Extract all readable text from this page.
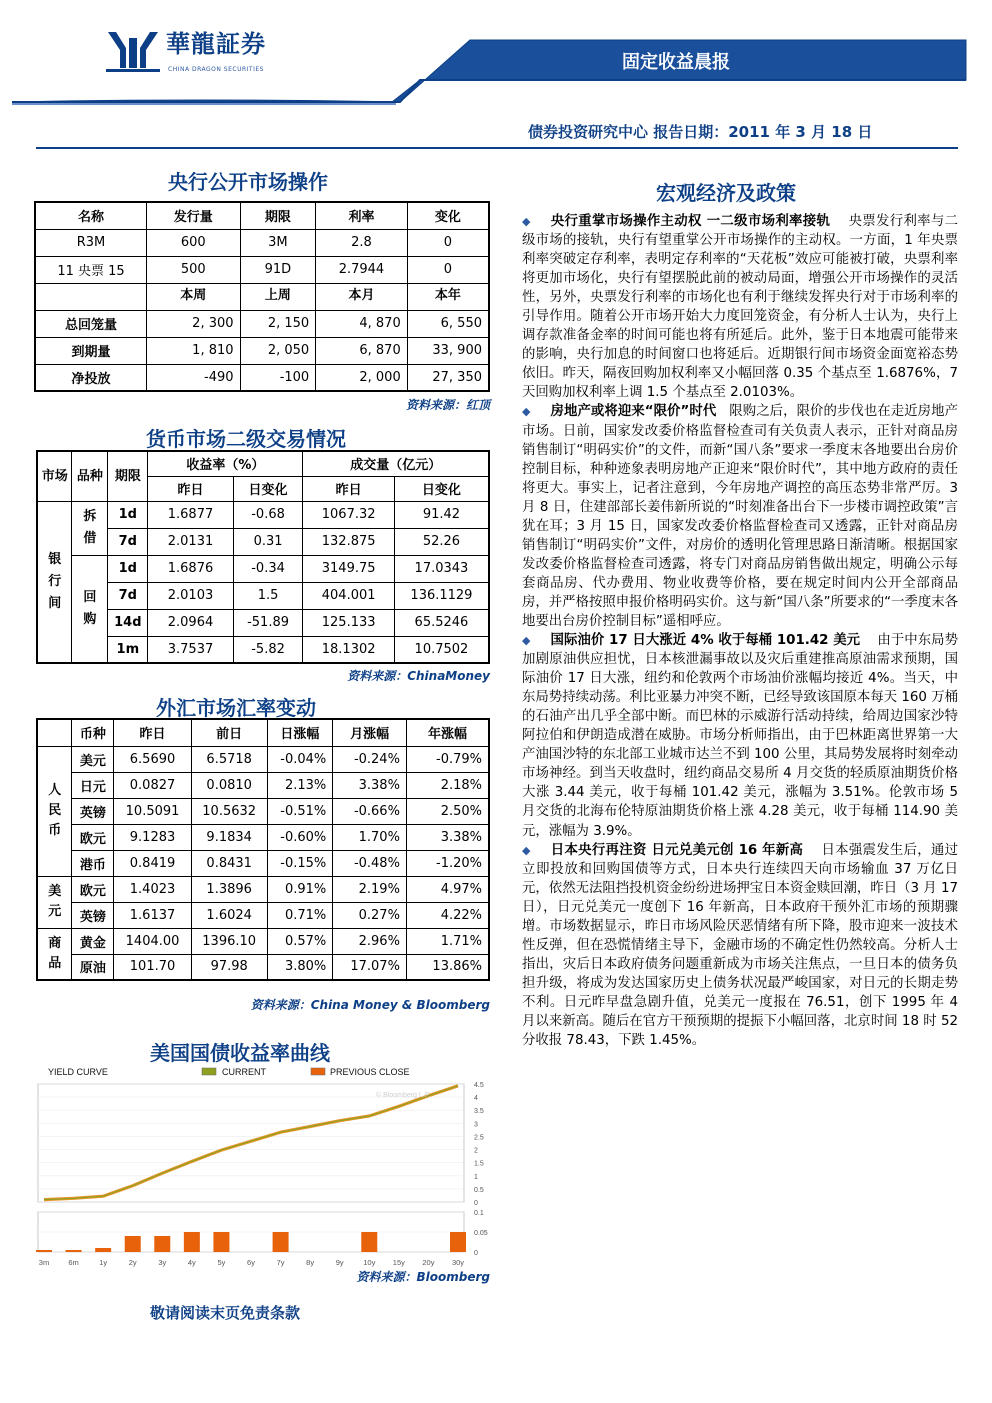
華龍証券
CHINA DRAGON SECURITIES	固定收益晨报
债券投资研究中心 报告日期：2011 年 3 月 18 日
央行公开市场操作
名称	发行量	期限	利率	变化
R3M	600	3M	2.8	0
11 央票 15	500	91D	2.7944	0
	本周	上周	本月	本年
总回笼量	2, 300	2, 150	4, 870	6, 550
到期量	1, 810	2, 050	6, 870	33, 900
净投放	-490	-100	2, 000	27, 350
资料来源：红顶
货币市场二级交易情况
市场	品种	期限	收益率（%）		成交量（亿元）	
			昨日	日变化	昨日	日变化
银行间	拆借	1d	1.6877	-0.68	1067.32	91.42
		7d	2.0131	0.31	132.875	52.26
	回购	1d	1.6876	-0.34	3149.75	17.0343
		7d	2.0103	1.5	404.001	136.1129
		14d	2.0964	-51.89	125.133	65.5246
		1m	3.7537	-5.82	18.1302	10.7502
资料来源：ChinaMoney
外汇市场汇率变动
	币种	昨日	前日	日涨幅	月涨幅	年涨幅
人民币	美元	6.5690	6.5718	-0.04%	-0.24%	-0.79%
	日元	0.0827	0.0810	2.13%	3.38%	2.18%
	英镑	10.5091	10.5632	-0.51%	-0.66%	2.50%
	欧元	9.1283	9.1834	-0.60%	1.70%	3.38%
	港币	0.8419	0.8431	-0.15%	-0.48%	-1.20%
美元	欧元	1.4023	1.3896	0.91%	2.19%	4.97%
	英镑	1.6137	1.6024	0.71%	0.27%	4.22%
商品	黄金	1404.00	1396.10	0.57%	2.96%	1.71%
	原油	101.70	97.98	3.80%	17.07%	13.86%
资料来源：China Money & Bloomberg
美国国债收益率曲线
YIELD CURVE	CURRENT	PREVIOUS CLOSE
0
0.5
1
1.5
2
2.5
3
3.5
4
4.5
© Bloomberg L.P.
0
0.05
0.1
3m	6m	1y	2y	3y	4y	5y	6y	7y	8y	9y	10y 15y 20y 30y
资料来源：Bloomberg
敬请阅读末页免责条款
宏观经济及政策

◆ 央行重掌市场操作主动权 一二级市场利率接轨 央票发行利率与二级市场的接轨，央行有望重掌公开市场操作的主动权。一方面，1 年央票利率突破定存利率，表明定存利率的“天花板”效应可能被打破，央票利率将更加市场化，央行有望摆脱此前的被动局面，增强公开市场操作的灵活性，另外，央票发行利率的市场化也有利于继续发挥央行对于市场利率的引导作用。随着公开市场开始大力度回笼资金，有分析人士认为，央行上调存款准备金率的时间可能也将有所延后。此外，鉴于日本地震可能带来的影响，央行加息的时间窗口也将延后。近期银行间市场资金面宽裕态势依旧。昨天，隔夜回购加权利率又小幅回落 0.35 个基点至 1.6876%，7 天回购加权利率上调 1.5 个基点至 2.0103%。

◆ 房地产或将迎来“限价”时代 限购之后，限价的步伐也在走近房地产市场。日前，国家发改委价格监督检查司有关负责人表示，正针对商品房销售制订“明码实价”的文件，而新“国八条”要求一季度末各地要出台房价控制目标，种种迹象表明房地产正迎来“限价时代”，其中地方政府的责任将更大。事实上，记者注意到，今年房地产调控的高压态势非常严厉。3 月 8 日，住建部部长姜伟新所说的“时刻准备出台下一步楼市调控政策”言犹在耳；3 月 15 日，国家发改委价格监督检查司又透露，正针对商品房销售制订“明码实价”文件，对房价的透明化管理思路日渐清晰。根据国家发改委价格监督检查司透露，将专门对商品房销售做出规定，明确公示每套商品房、代办费用、物业收费等价格，要在规定时间内公开全部商品房，并严格按照申报价格明码实价。这与新“国八条”所要求的“一季度末各地要出台房价控制目标”遥相呼应。

◆ 国际油价 17 日大涨近 4% 收于每桶 101.42 美元 由于中东局势加剧原油供应担忧，日本核泄漏事故以及灾后重建推高原油需求预期，国际油价 17 日大涨，纽约和伦敦两个市场油价涨幅均接近 4%。当天，中东局势持续动荡。利比亚暴力冲突不断，已经导致该国原本每天 160 万桶的石油产出几乎全部中断。而巴林的示威游行活动持续，给周边国家沙特阿拉伯和伊朗造成潜在威胁。市场分析师指出，由于巴林距离世界第一大产油国沙特的东北部工业城市达兰不到 100 公里，其局势发展将时刻牵动市场神经。到当天收盘时，纽约商品交易所 4 月交货的轻质原油期货价格大涨 3.44 美元，收于每桶 101.42 美元，涨幅为 3.51%。伦敦市场 5 月交货的北海布伦特原油期货价格上涨 4.28 美元，收于每桶 114.90 美元，涨幅为 3.9%。

◆ 日本央行再注资 日元兑美元创 16 年新高 日本强震发生后，通过立即投放和回购国债等方式，日本央行连续四天向市场输血 37 万亿日元，依然无法阻挡投机资金纷纷进场押宝日本资金赎回潮，昨日（3 月 17 日），日元兑美元一度创下 16 年新高，日本政府干预外汇市场的预期骤增。市场数据显示，昨日市场风险厌恶情绪有所下降，股市迎来一波技术性反弹，但在恐慌情绪主导下，金融市场的不确定性仍然较高。分析人士指出，灾后日本政府债务问题重新成为市场关注焦点，一旦日本的债务负担升级，将成为发达国家历史上债务状况最严峻国家，对日元的长期走势不利。日元昨早盘急剧升值，兑美元一度报在 76.51，创下 1995 年 4 月以来新高。随后在官方干预预期的提振下小幅回落，北京时间 18 时 52 分收报 78.43，下跌 1.45%。
